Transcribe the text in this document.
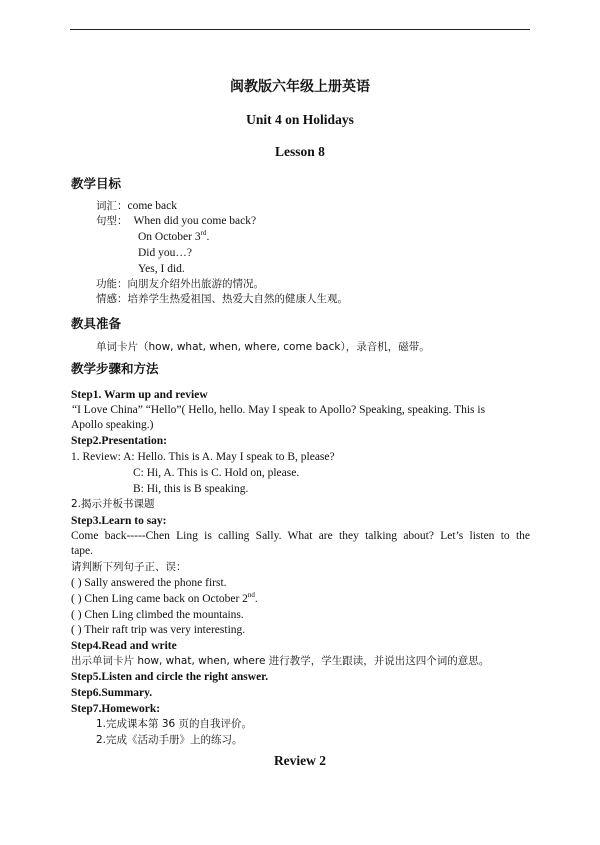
闽教版六年级上册英语
Unit 4 on Holidays
Lesson 8
教学目标
词汇：come back
句型： When did you come back?
On October 3rd.
Did you…?
Yes, I did.
功能：向朋友介绍外出旅游的情况。
情感：培养学生热爱祖国、热爱大自然的健康人生观。
教具准备
单词卡片（how, what, when, where, come back），录音机，磁带。
教学步骤和方法
Step1. Warm up and review
“I Love China” “Hello”( Hello, hello. May I speak to Apollo? Speaking, speaking. This is
Apollo speaking.)
Step2.Presentation:
1. Review: A: Hello. This is A. May I speak to B, please?
C: Hi, A. This is C. Hold on, please.
B: Hi, this is B speaking.
2.揭示并板书课题
Step3.Learn to say:
Come back-----Chen Ling is calling Sally. What are they talking about? Let’s listen to the
tape.
请判断下列句子正、误：
( ) Sally answered the phone first.
( ) Chen Ling came back on October 2nd.
( ) Chen Ling climbed the mountains.
( ) Their raft trip was very interesting.
Step4.Read and write
出示单词卡片 how, what, when, where 进行教学，学生跟读，并说出这四个词的意思。
Step5.Listen and circle the right answer.
Step6.Summary.
Step7.Homework:
1.完成课本第 36 页的自我评价。
2.完成《活动手册》上的练习。
Review 2
